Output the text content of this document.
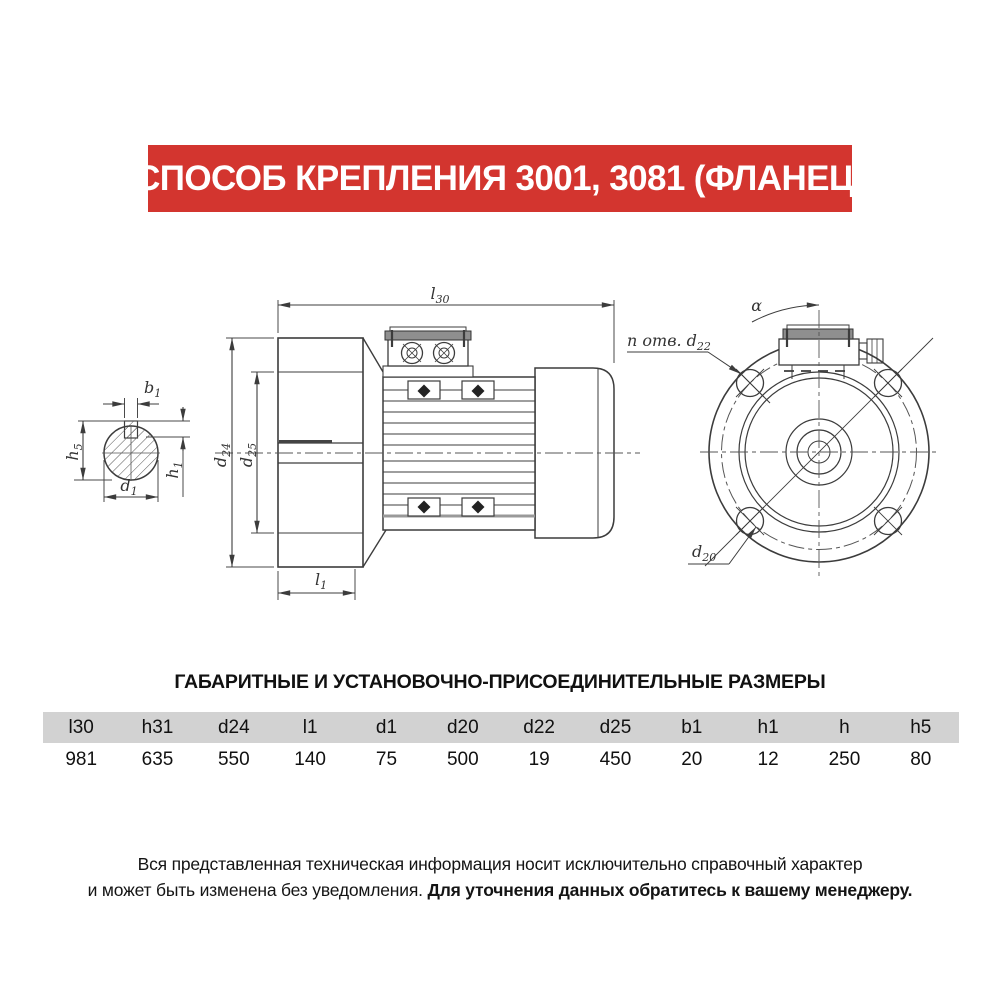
СПОСОБ КРЕПЛЕНИЯ 3001, 3081 (ФЛАНЕЦ)
$b_1$
$h_5$
$h_1$
$d_1$
$l_{30}$
$d_{24}$
$d_{25}$
$l_1$
α
n отв. $d_{22}$
$d_{20}$
ГАБАРИТНЫЕ И УСТАНОВОЧНО-ПРИСОЕДИНИТЕЛЬНЫЕ РАЗМЕРЫ
l30	h31	d24	l1	d1	d20	d22	d25	b1	h1	h	h5
981	635	550	140	75	500	19	450	20	12	250	80
Вся представленная техническая информация носит исключительно справочный характер
и может быть изменена без уведомления. Для уточнения данных обратитесь к вашему менеджеру.
